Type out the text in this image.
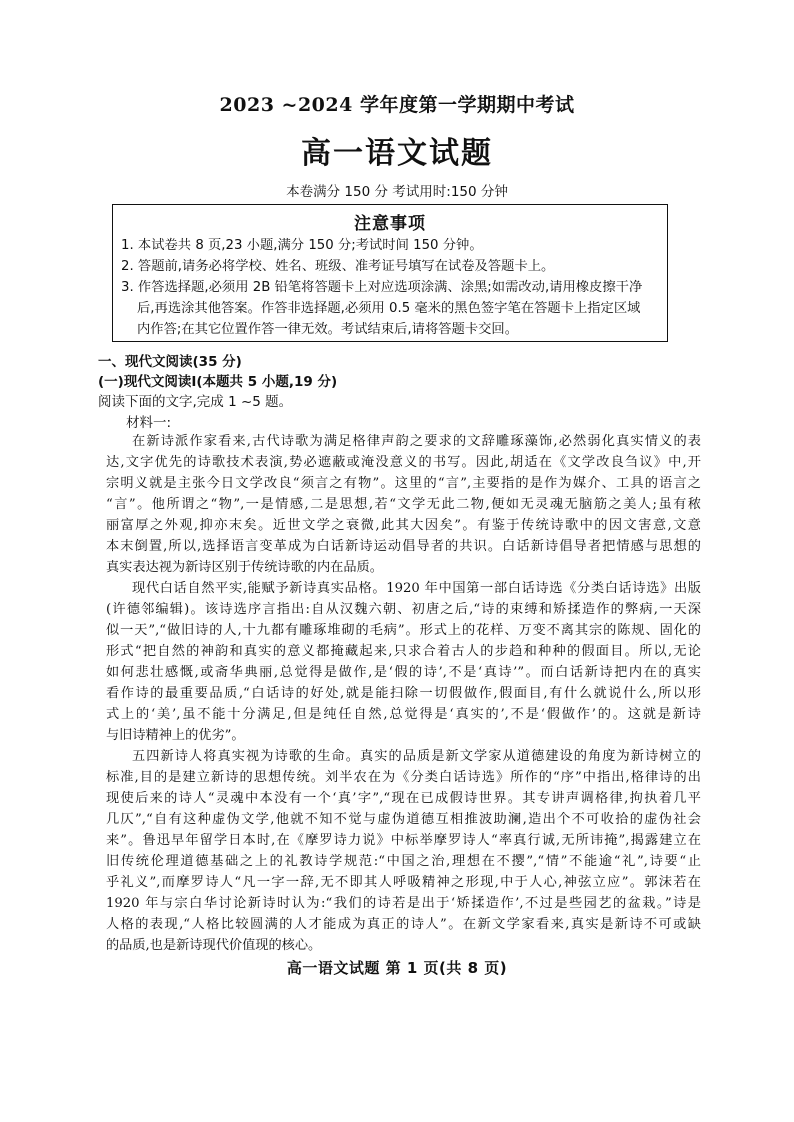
2023 ~2024 学年度第一学期期中考试
高一语文试题
本卷满分 150 分 考试用时:150 分钟
注意事项
1. 本试卷共 8 页,23 小题,满分 150 分;考试时间 150 分钟。
2. 答题前,请务必将学校、姓名、班级、准考证号填写在试卷及答题卡上。
3. 作答选择题,必须用 2B 铅笔将答题卡上对应选项涂满、涂黑;如需改动,请用橡皮擦干净
后,再选涂其他答案。作答非选择题,必须用 0.5 毫米的黑色签字笔在答题卡上指定区域
内作答;在其它位置作答一律无效。考试结束后,请将答题卡交回。
一、现代文阅读(35 分)
(一)现代文阅读Ⅰ(本题共 5 小题,19 分)
阅读下面的文字,完成 1 ~5 题。
材料一:
在新诗派作家看来,古代诗歌为满足格律声韵之要求的文辞雕琢藻饰,必然弱化真实情义的表
达,文字优先的诗歌技术表演,势必遮蔽或淹没意义的书写。因此,胡适在《文学改良刍议》中,开
宗明义就是主张今日文学改良“须言之有物”。这里的“言”,主要指的是作为媒介、工具的语言之
“言”。他所谓之“物”,一是情感,二是思想,若“文学无此二物,便如无灵魂无脑筋之美人;虽有秾
丽富厚之外观,抑亦末矣。近世文学之衰微,此其大因矣”。有鉴于传统诗歌中的因文害意,文意
本末倒置,所以,选择语言变革成为白话新诗运动倡导者的共识。白话新诗倡导者把情感与思想的
真实表达视为新诗区别于传统诗歌的内在品质。
现代白话自然平实,能赋予新诗真实品格。1920 年中国第一部白话诗选《分类白话诗选》出版
(许德邻编辑)。该诗选序言指出:自从汉魏六朝、初唐之后,“诗的束缚和矫揉造作的弊病,一天深
似一天”,“做旧诗的人,十九都有雕琢堆砌的毛病”。形式上的花样、万变不离其宗的陈规、固化的
形式“把自然的神韵和真实的意义都掩藏起来,只求合着古人的步趋和种种的假面目。所以,无论
如何悲壮感慨,或斋华典丽,总觉得是做作,是‘假的诗’,不是‘真诗’”。而白话新诗把内在的真实
看作诗的最重要品质,“白话诗的好处,就是能扫除一切假做作,假面目,有什么就说什么,所以形
式上的‘美’,虽不能十分满足,但是纯任自然,总觉得是‘真实的’,不是‘假做作’的。这就是新诗
与旧诗精神上的优劣”。
五四新诗人将真实视为诗歌的生命。真实的品质是新文学家从道德建设的角度为新诗树立的
标准,目的是建立新诗的思想传统。刘半农在为《分类白话诗选》所作的“序”中指出,格律诗的出
现使后来的诗人“灵魂中本没有一个‘真’字”,“现在已成假诗世界。其专讲声调格律,拘执着几平
几仄”,“自有这种虚伪文学,他就不知不觉与虚伪道德互相推波助澜,造出个不可收拾的虚伪社会
来”。鲁迅早年留学日本时,在《摩罗诗力说》中标举摩罗诗人“率真行诚,无所讳掩”,揭露建立在
旧传统伦理道德基础之上的礼教诗学规范:“中国之治,理想在不撄”,“情”不能逾“礼”,诗要“止
乎礼义”,而摩罗诗人“凡一字一辞,无不即其人呼吸精神之形现,中于人心,神弦立应”。郭沫若在
1920 年与宗白华讨论新诗时认为:“我们的诗若是出于‘矫揉造作’,不过是些园艺的盆栽。”诗是
人格的表现,“人格比较圆满的人才能成为真正的诗人”。在新文学家看来,真实是新诗不可或缺
的品质,也是新诗现代价值现的核心。
高一语文试题 第 1 页(共 8 页)
